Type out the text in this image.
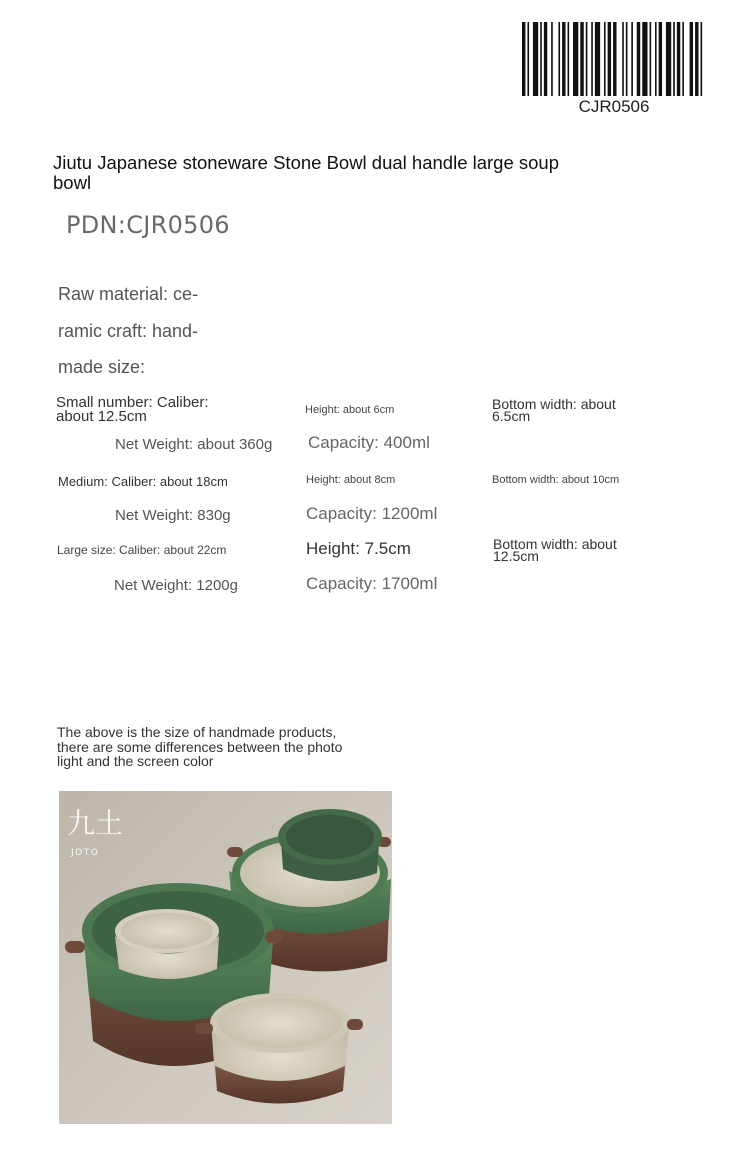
CJR0506
Jiutu Japanese stoneware Stone Bowl dual handle large soup bowl
PDN:CJR0506
Raw material: ce-
ramic craft: hand-
made size:
Small number: Caliber: about 12.5cm	Height: about 6cm	Bottom width: about 6.5cm
Net Weight: about 360g Capacity: 400ml
Medium: Caliber: about 18cm	Height: about 8cm	Bottom width: about 10cm
Net Weight: 830g	Capacity: 1200ml
Large size: Caliber: about 22cm	Height: 7.5cm	Bottom width: about 12.5cm
Net Weight: 1200g	Capacity: 1700ml
The above is the size of handmade products, there are some differences between the photo light and the screen color
九土
JOTO
